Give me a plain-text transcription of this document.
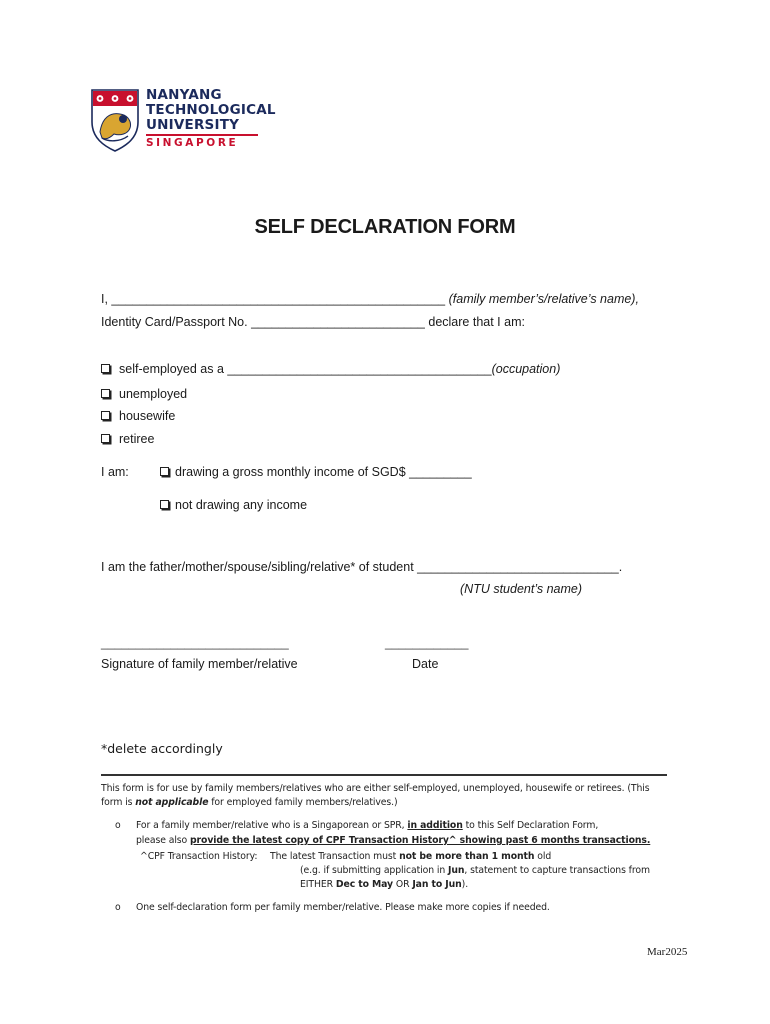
NANYANG
TECHNOLOGICAL
UNIVERSITY
SINGAPORE
SELF DECLARATION FORM
I, ________________________________________________ (family member’s/relative’s name),
Identity Card/Passport No. _________________________ declare that I am:
self-employed as a ______________________________________(occupation)
unemployed
housewife
retiree
I am:	drawing a gross monthly income of SGD$ _________
not drawing any income
I am the father/mother/spouse/sibling/relative* of student _____________________________.
(NTU student’s name)
___________________________	____________
Signature of family member/relative	Date
*delete accordingly
This form is for use by family members/relatives who are either self-employed, unemployed, housewife or retirees. (This
form is not applicable for employed family members/relatives.)
o For a family member/relative who is a Singaporean or SPR, in addition to this Self Declaration Form,
please also provide the latest copy of CPF Transaction History^ showing past 6 months transactions.
^CPF Transaction History: The latest Transaction must not be more than 1 month old
(e.g. if submitting application in Jun, statement to capture transactions from
EITHER Dec to May OR Jan to Jun).
o One self-declaration form per family member/relative. Please make more copies if needed.
Mar2025
